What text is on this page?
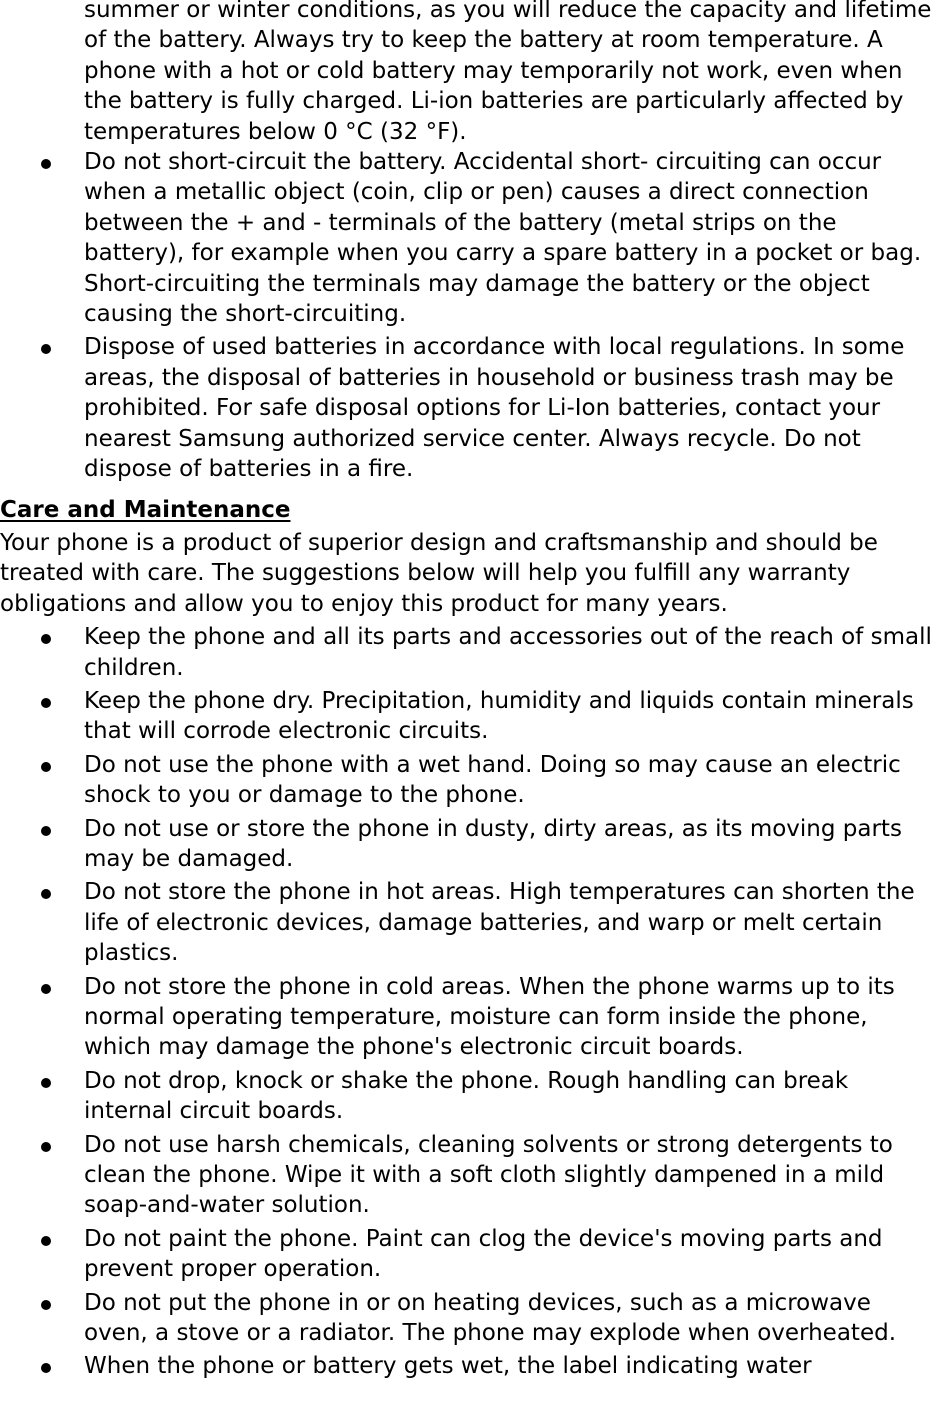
summer or winter conditions, as you will reduce the capacity and lifetime of the battery. Always try to keep the battery at room temperature. A phone with a hot or cold battery may temporarily not work, even when the battery is fully charged. Li-ion batteries are particularly affected by temperatures below 0 °C (32 °F).

Do not short-circuit the battery. Accidental short- circuiting can occur when a metallic object (coin, clip or pen) causes a direct connection between the + and - terminals of the battery (metal strips on the battery), for example when you carry a spare battery in a pocket or bag. Short-circuiting the terminals may damage the battery or the object causing the short-circuiting.
Dispose of used batteries in accordance with local regulations. In some areas, the disposal of batteries in household or business trash may be prohibited. For safe disposal options for Li-Ion batteries, contact your nearest Samsung authorized service center. Always recycle. Do not dispose of batteries in a fire.

Care and Maintenance

Your phone is a product of superior design and craftsmanship and should be treated with care. The suggestions below will help you fulfill any warranty obligations and allow you to enjoy this product for many years.

Keep the phone and all its parts and accessories out of the reach of small children.
Keep the phone dry. Precipitation, humidity and liquids contain minerals that will corrode electronic circuits.
Do not use the phone with a wet hand. Doing so may cause an electric shock to you or damage to the phone.
Do not use or store the phone in dusty, dirty areas, as its moving parts may be damaged.
Do not store the phone in hot areas. High temperatures can shorten the life of electronic devices, damage batteries, and warp or melt certain plastics.
Do not store the phone in cold areas. When the phone warms up to its normal operating temperature, moisture can form inside the phone, which may damage the phone's electronic circuit boards.
Do not drop, knock or shake the phone. Rough handling can break internal circuit boards.
Do not use harsh chemicals, cleaning solvents or strong detergents to clean the phone. Wipe it with a soft cloth slightly dampened in a mild soap-and-water solution.
Do not paint the phone. Paint can clog the device's moving parts and prevent proper operation.
Do not put the phone in or on heating devices, such as a microwave oven, a stove or a radiator. The phone may explode when overheated.
When the phone or battery gets wet, the label indicating water
